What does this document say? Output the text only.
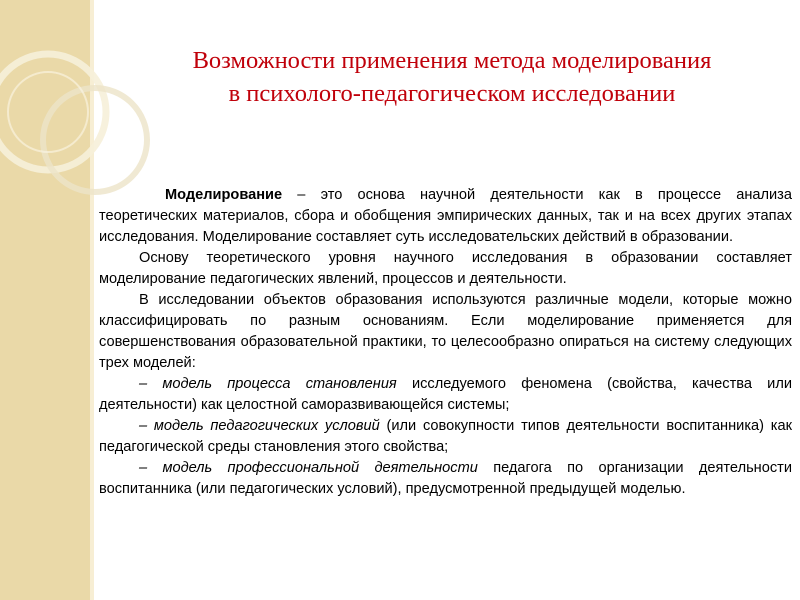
Возможности применения метода моделирования
в психолого-педагогическом исследовании

Моделирование – это основа научной деятельности как в процессе анализа теоретических материалов, сбора и обобщения эмпирических данных, так и на всех других этапах исследования. Моделирование составляет суть исследовательских действий в образовании.

Основу теоретического уровня научного исследования в образовании составляет моделирование педагогических явлений, процессов и деятельности.

В исследовании объектов образования используются различные модели, которые можно классифицировать по разным основаниям. Если моделирование применяется для совершенствования образовательной практики, то целесообразно опираться на систему следующих трех моделей:

– модель процесса становления исследуемого феномена (свойства, качества или деятельности) как целостной саморазвивающейся системы;

– модель педагогических условий (или совокупности типов деятельности воспитанника) как педагогической среды становления этого свойства;

– модель профессиональной деятельности педагога по организации деятельности воспитанника (или педагогических условий), предусмотренной предыдущей моделью.
